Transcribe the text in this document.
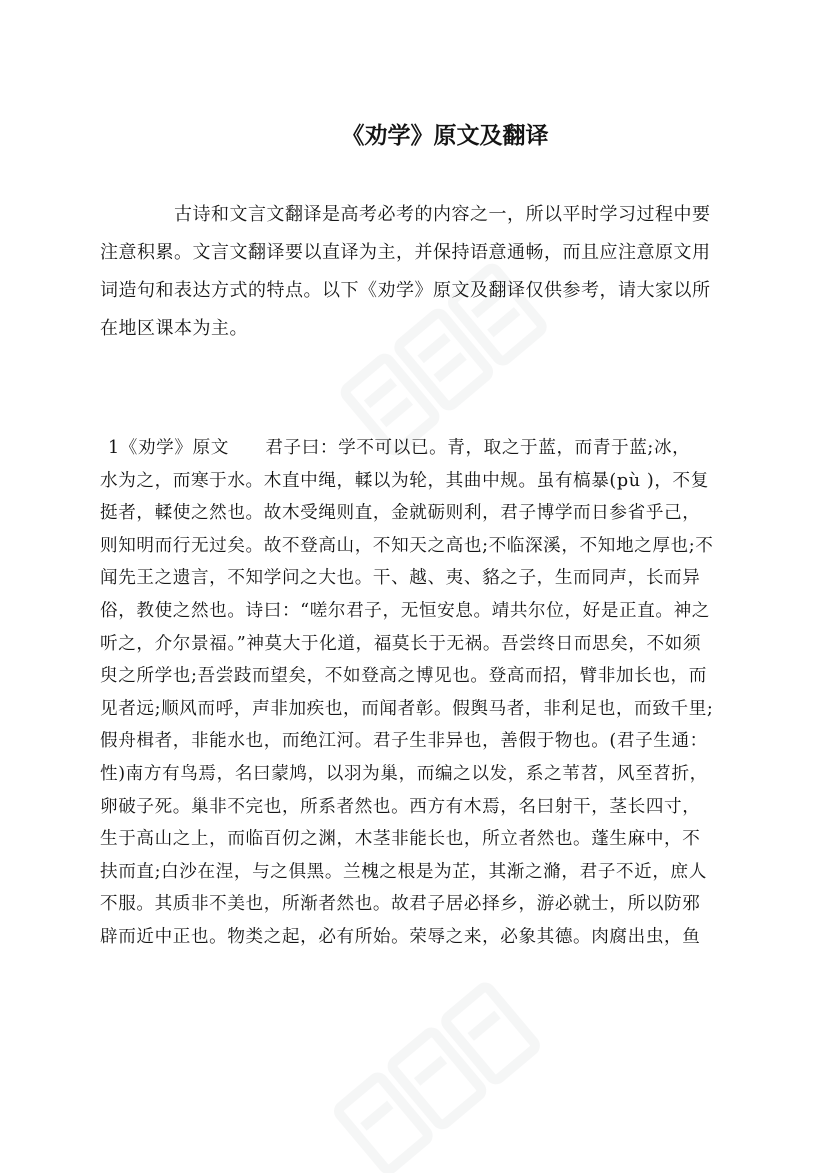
《劝学》原文及翻译
古诗和文言文翻译是高考必考的内容之一，所以平时学习过程中要
注意积累。文言文翻译要以直译为主，并保持语意通畅，而且应注意原文用
词造句和表达方式的特点。以下《劝学》原文及翻译仅供参考，请大家以所
在地区课本为主。
1《劝学》原文　　君子曰：学不可以已。青，取之于蓝，而青于蓝;冰，
水为之，而寒于水。木直中绳，輮以为轮，其曲中规。虽有槁暴(pù )，不复
挺者，輮使之然也。故木受绳则直，金就砺则利，君子博学而日参省乎己，
则知明而行无过矣。故不登高山，不知天之高也;不临深溪，不知地之厚也;不
闻先王之遗言，不知学问之大也。干、越、夷、貉之子，生而同声，长而异
俗，教使之然也。诗曰：“嗟尔君子，无恒安息。靖共尔位，好是正直。神之
听之，介尔景福。”神莫大于化道，福莫长于无祸。吾尝终日而思矣，不如须
臾之所学也;吾尝跂而望矣，不如登高之博见也。登高而招，臂非加长也，而
见者远;顺风而呼，声非加疾也，而闻者彰。假舆马者，非利足也，而致千里;
假舟楫者，非能水也，而绝江河。君子生非异也，善假于物也。(君子生通：
性)南方有鸟焉，名曰蒙鸠，以羽为巢，而编之以发，系之苇苕，风至苕折，
卵破子死。巢非不完也，所系者然也。西方有木焉，名曰射干，茎长四寸，
生于高山之上，而临百仞之渊，木茎非能长也，所立者然也。蓬生麻中，不
扶而直;白沙在涅，与之俱黑。兰槐之根是为芷，其渐之滫，君子不近，庶人
不服。其质非不美也，所渐者然也。故君子居必择乡，游必就士，所以防邪
辟而近中正也。物类之起，必有所始。荣辱之来，必象其德。肉腐出虫，鱼
